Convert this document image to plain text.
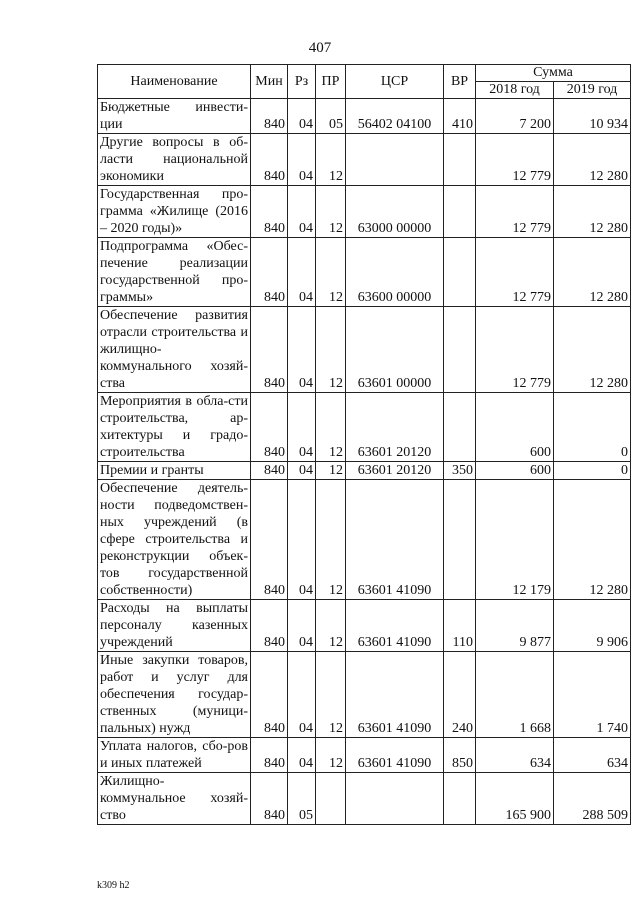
407
Наименование	Мин	Рз	ПР	ЦСР	ВР	Сумма	
						2018 год	2019 год
Бюджетные инвести-ции	840	04	05	56402 04100	410	7 200	10 934
Другие вопросы в об-ласти национальной экономики	840	04	12			12 779	12 280
Государственная про-грамма «Жилище (2016 – 2020 годы)»	840	04	12	63000 00000		12 779	12 280
Подпрограмма «Обес-печение реализации государственной про-граммы»	840	04	12	63600 00000		12 779	12 280
Обеспечение развития отрасли строительства и жилищно-коммунального хозяй-ства	840	04	12	63601 00000		12 779	12 280
Мероприятия в обла-сти строительства, ар-хитектуры и градо-строительства	840	04	12	63601 20120		600	0
Премии и гранты	840	04	12	63601 20120	350	600	0
Обеспечение деятель-ности подведомствен-ных учреждений (в сфере строительства и реконструкции объек-тов государственной собственности)	840	04	12	63601 41090		12 179	12 280
Расходы на выплаты персоналу казенных учреждений	840	04	12	63601 41090	110	9 877	9 906
Иные закупки товаров, работ и услуг для обеспечения государ-ственных (муници-пальных) нужд	840	04	12	63601 41090	240	1 668	1 740
Уплата налогов, сбо-ров и иных платежей	840	04	12	63601 41090	850	634	634
Жилищно-коммунальное хозяй-ство	840	05				165 900	288 509
k309 h2
